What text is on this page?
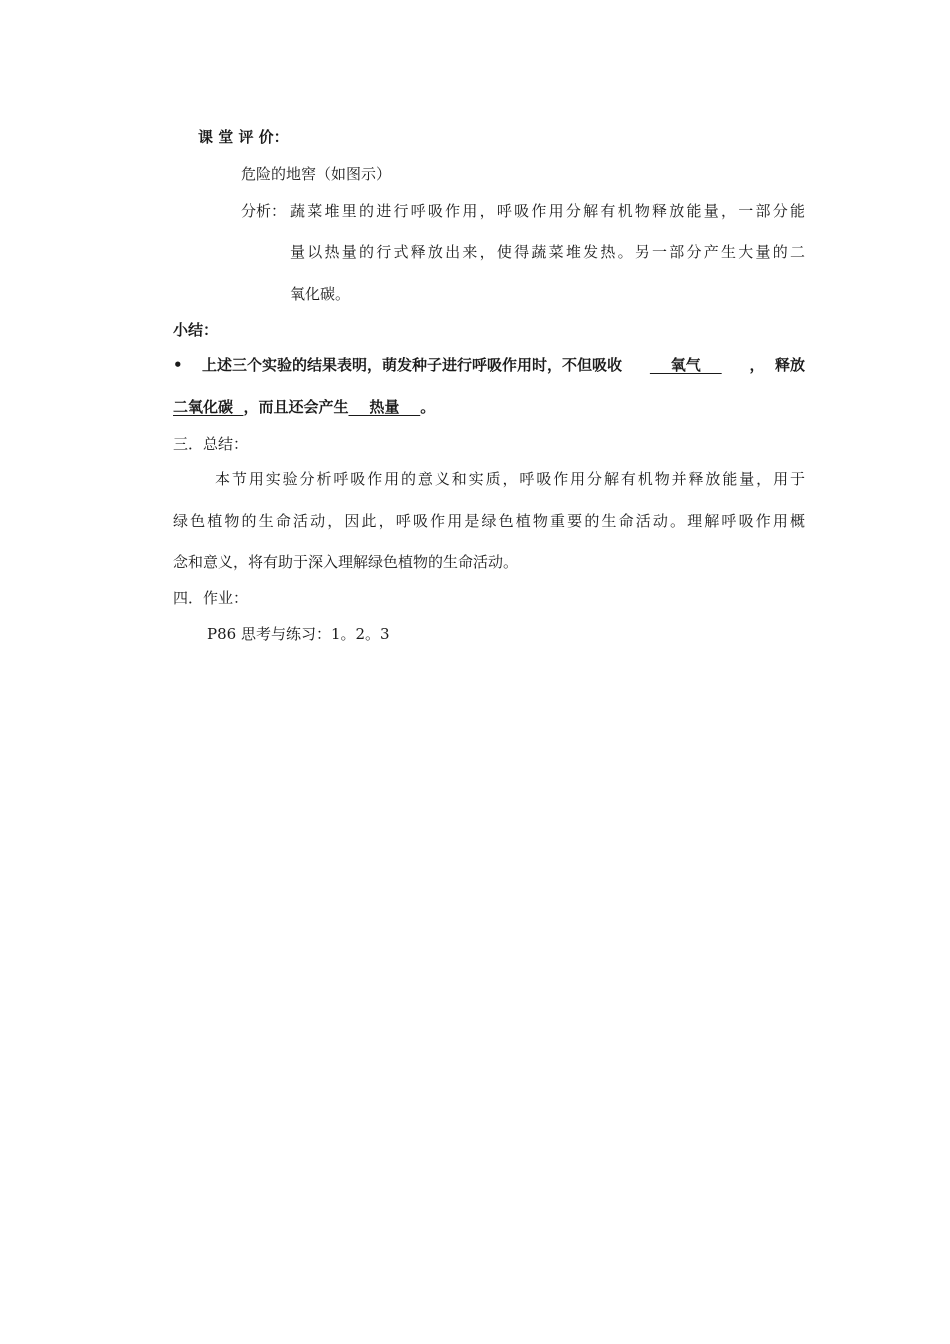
课 堂 评 价：
危险的地窖（如图示）
分析： 蔬菜堆里的进行呼吸作用，呼吸作用分解有机物释放能量，一部分能
量以热量的行式释放出来，使得蔬菜堆发热。另一部分产生大量的二
氧化碳。
小结：
• 上述三个实验的结果表明，萌发种子进行呼吸作用时，不但吸收 氧气 ，  释放
二氧化碳  ，而且还会产生    热量    。
三．总结：
本节用实验分析呼吸作用的意义和实质，呼吸作用分解有机物并释放能量，用于
绿色植物的生命活动，因此，呼吸作用是绿色植物重要的生命活动。理解呼吸作用概
念和意义，将有助于深入理解绿色植物的生命活动。
四．作业：
P86 思考与练习：1。2。3
